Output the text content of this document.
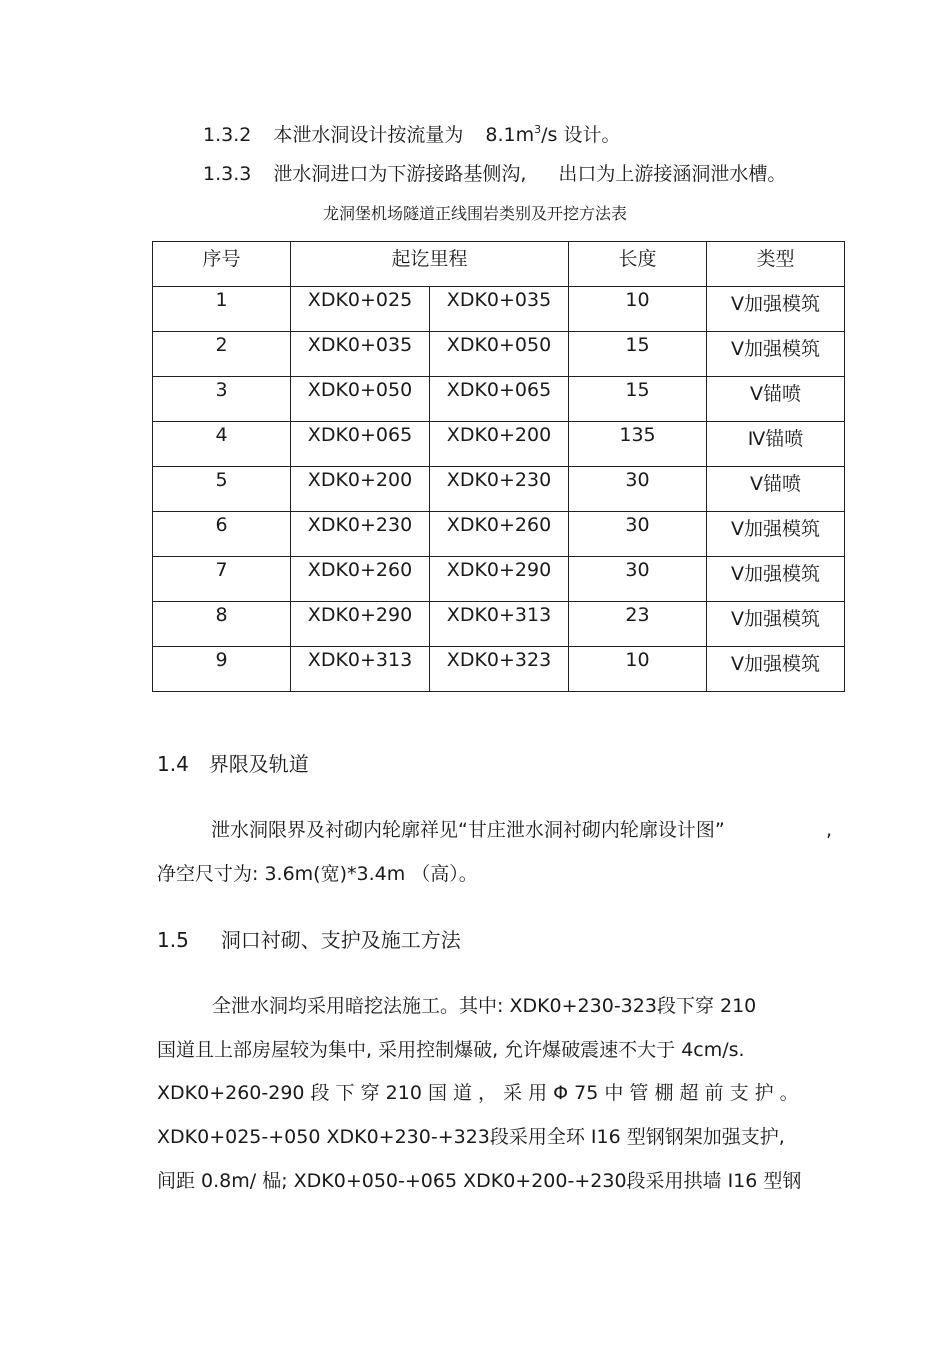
1.3.2 本泄水洞设计按流量为 $8.1m^3/s$ 设计。
1.3.3 泄水洞进口为下游接路基侧沟, 出口为上游接涵洞泄水槽。
龙洞堡机场隧道正线围岩类别及开挖方法表
序号	起讫里程		长度	类型
1	XDK0+025	XDK0+035	10	Ⅴ加强模筑
2	XDK0+035	XDK0+050	15	Ⅴ加强模筑
3	XDK0+050	XDK0+065	15	Ⅴ锚喷
4	XDK0+065	XDK0+200	135	Ⅳ锚喷
5	XDK0+200	XDK0+230	30	Ⅴ锚喷
6	XDK0+230	XDK0+260	30	Ⅴ加强模筑
7	XDK0+260	XDK0+290	30	Ⅴ加强模筑
8	XDK0+290	XDK0+313	23	Ⅴ加强模筑
9	XDK0+313	XDK0+323	10	Ⅴ加强模筑
1.4 界限及轨道
泄水洞限界及衬砌内轮廓祥见“甘庄泄水洞衬砌内轮廓设计图”	,
净空尺寸为: 3.6m(宽)*3.4m （高）。
1.5 洞口衬砌、支护及施工方法
全泄水洞均采用暗挖法施工。其中: XDK0+230-323段下穿 210
国道且上部房屋较为集中, 采用控制爆破, 允许爆破震速不大于 4cm/s.
XDK0+260-290 段 下 穿 210 国 道 ， 采 用 Φ 75 中 管 棚 超 前 支 护 。
XDK0+025-+050 XDK0+230-+323段采用全环 I16 型钢钢架加强支护,
间距 0.8m/ 榀; XDK0+050-+065 XDK0+200-+230段采用拱墙 I16 型钢
